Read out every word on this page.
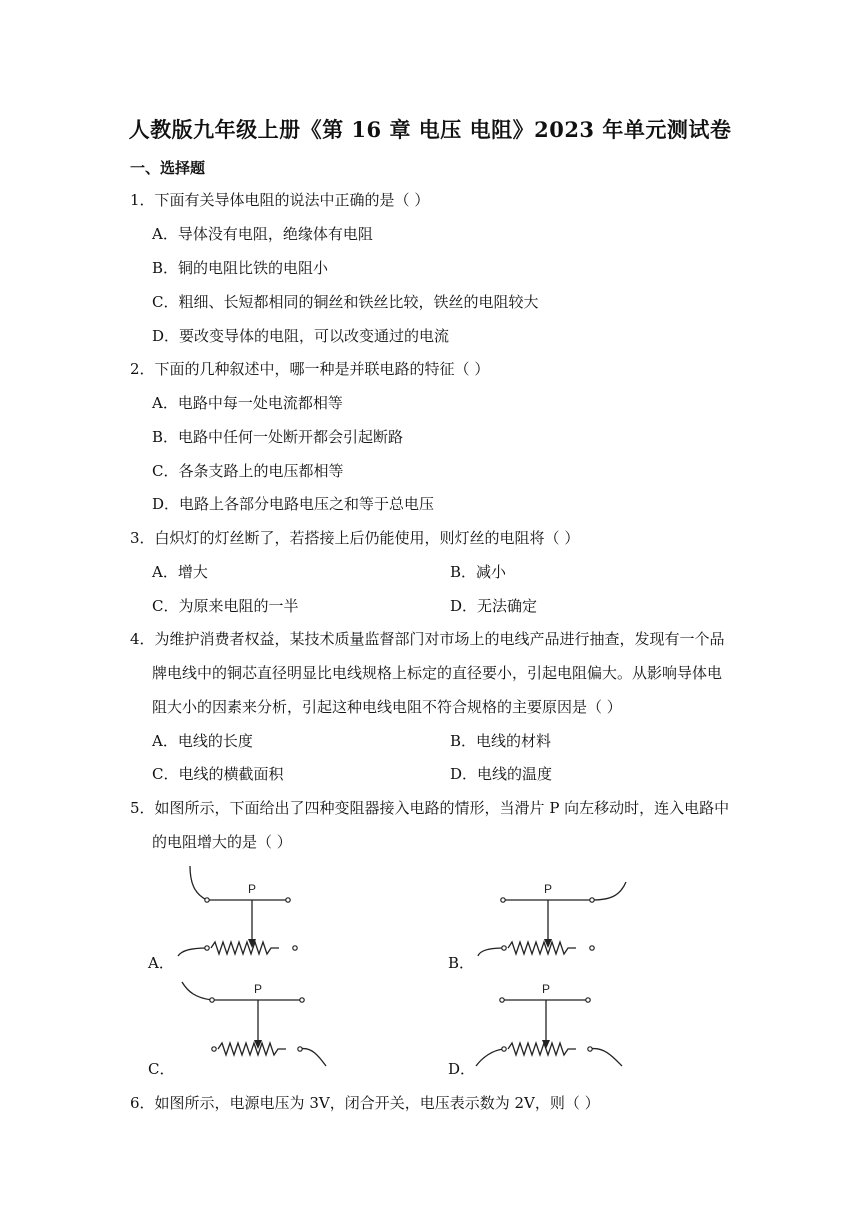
人教版九年级上册《第 16 章 电压 电阻》2023 年单元测试卷
一、选择题
1．下面有关导体电阻的说法中正确的是（ ）
A．导体没有电阻，绝缘体有电阻
B．铜的电阻比铁的电阻小
C．粗细、长短都相同的铜丝和铁丝比较，铁丝的电阻较大
D．要改变导体的电阻，可以改变通过的电流
2．下面的几种叙述中，哪一种是并联电路的特征（ ）
A．电路中每一处电流都相等
B．电路中任何一处断开都会引起断路
C．各条支路上的电压都相等
D．电路上各部分电路电压之和等于总电压
3．白炽灯的灯丝断了，若搭接上后仍能使用，则灯丝的电阻将（ ）
A．增大	B．减小
C．为原来电阻的一半	D．无法确定
4．为维护消费者权益，某技术质量监督部门对市场上的电线产品进行抽查，发现有一个品
牌电线中的铜芯直径明显比电线规格上标定的直径要小，引起电阻偏大。从影响导体电
阻大小的因素来分析，引起这种电线电阻不符合规格的主要原因是（ ）
A．电线的长度	B．电线的材料
C．电线的横截面积	D．电线的温度
5．如图所示，下面给出了四种变阻器接入电路的情形，当滑片 P 向左移动时，连入电路中
的电阻增大的是（ ）
A．
P
B．
P
C．
P
D．
P
6．如图所示，电源电压为 3V，闭合开关，电压表示数为 2V，则（ ）
